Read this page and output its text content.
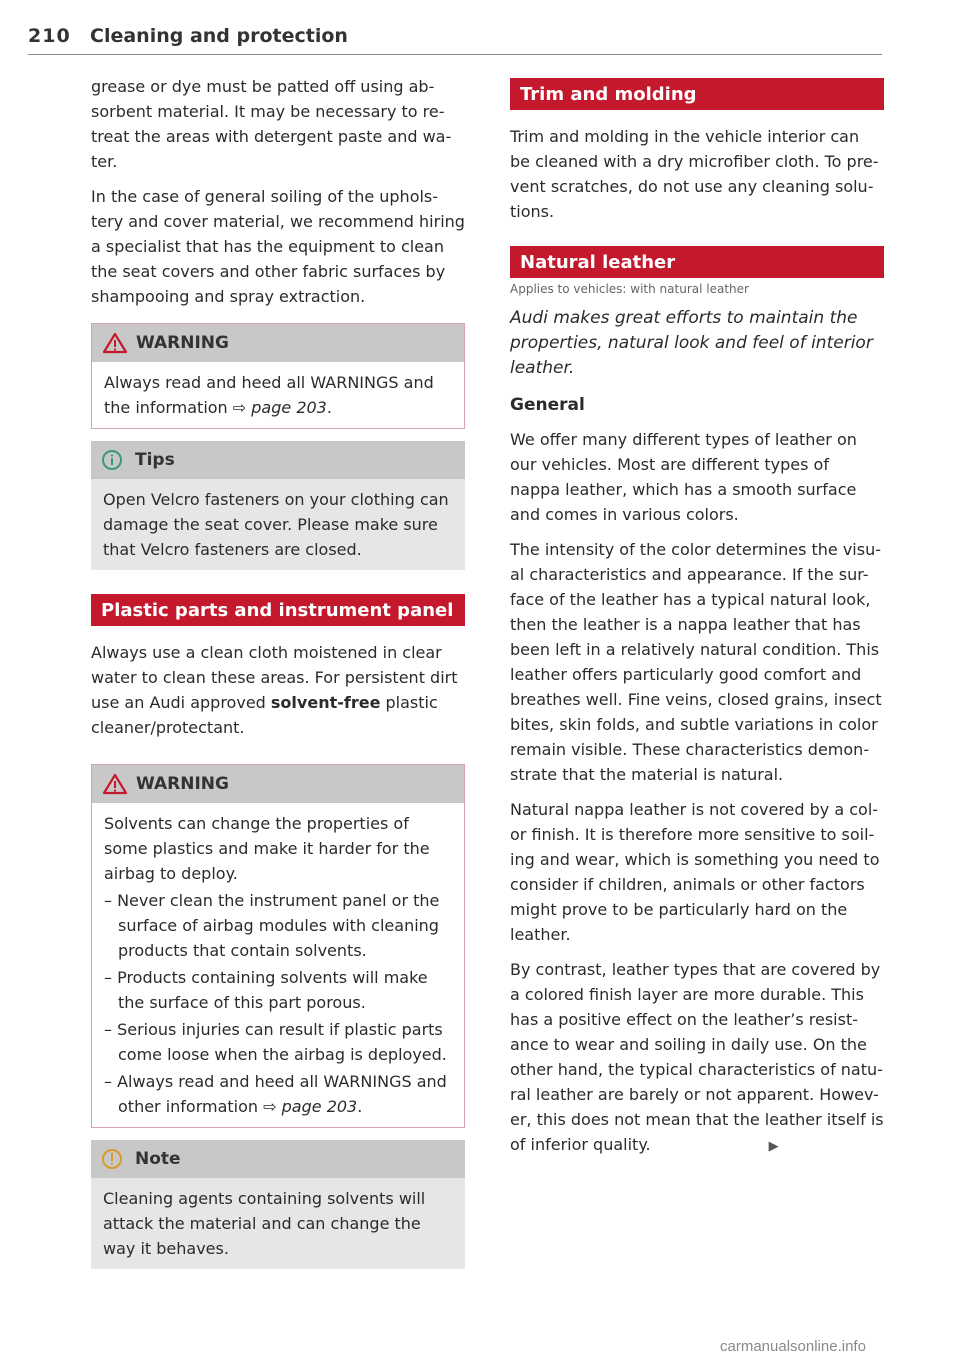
210 Cleaning and protection

grease or dye must be patted off using ab-sorbent material. It may be necessary to re-treat the areas with detergent paste and wa-ter.

In the case of general soiling of the uphols-tery and cover material, we recommend hiring a specialist that has the equipment to clean the seat covers and other fabric surfaces by shampooing and spray extraction.

WARNING

Always read and heed all WARNINGS and the information ⇨ page 203.

Tips

Open Velcro fasteners on your clothing can damage the seat cover. Please make sure that Velcro fasteners are closed.

Plastic parts and instrument panel

Always use a clean cloth moistened in clear water to clean these areas. For persistent dirt use an Audi approved solvent-free plastic cleaner/protectant.

WARNING

Solvents can change the properties of some plastics and make it harder for the airbag to deploy.

– Never clean the instrument panel or the surface of airbag modules with cleaning products that contain solvents.

– Products containing solvents will make the surface of this part porous.

– Serious injuries can result if plastic parts come loose when the airbag is deployed.

– Always read and heed all WARNINGS and other information ⇨ page 203.

Note

Cleaning agents containing solvents will attack the material and can change the way it behaves.

Trim and molding

Trim and molding in the vehicle interior can be cleaned with a dry microfiber cloth. To pre-vent scratches, do not use any cleaning solu-tions.

Natural leather
Applies to vehicles: with natural leather

Audi makes great efforts to maintain the properties, natural look and feel of interior leather.

General

We offer many different types of leather on our vehicles. Most are different types of nappa leather, which has a smooth surface and comes in various colors.

The intensity of the color determines the visu-al characteristics and appearance. If the sur-face of the leather has a typical natural look, then the leather is a nappa leather that has been left in a relatively natural condition. This leather offers particularly good comfort and breathes well. Fine veins, closed grains, insect bites, skin folds, and subtle variations in color remain visible. These characteristics demon-strate that the material is natural.

Natural nappa leather is not covered by a col-or finish. It is therefore more sensitive to soil-ing and wear, which is something you need to consider if children, animals or other factors might prove to be particularly hard on the leather.

By contrast, leather types that are covered by a colored finish layer are more durable. This has a positive effect on the leather’s resist-ance to wear and soiling in daily use. On the other hand, the typical characteristics of natu-ral leather are barely or not apparent. Howev-er, this does not mean that the leather itself is of inferior quality.	▶

carmanualsonline.info
